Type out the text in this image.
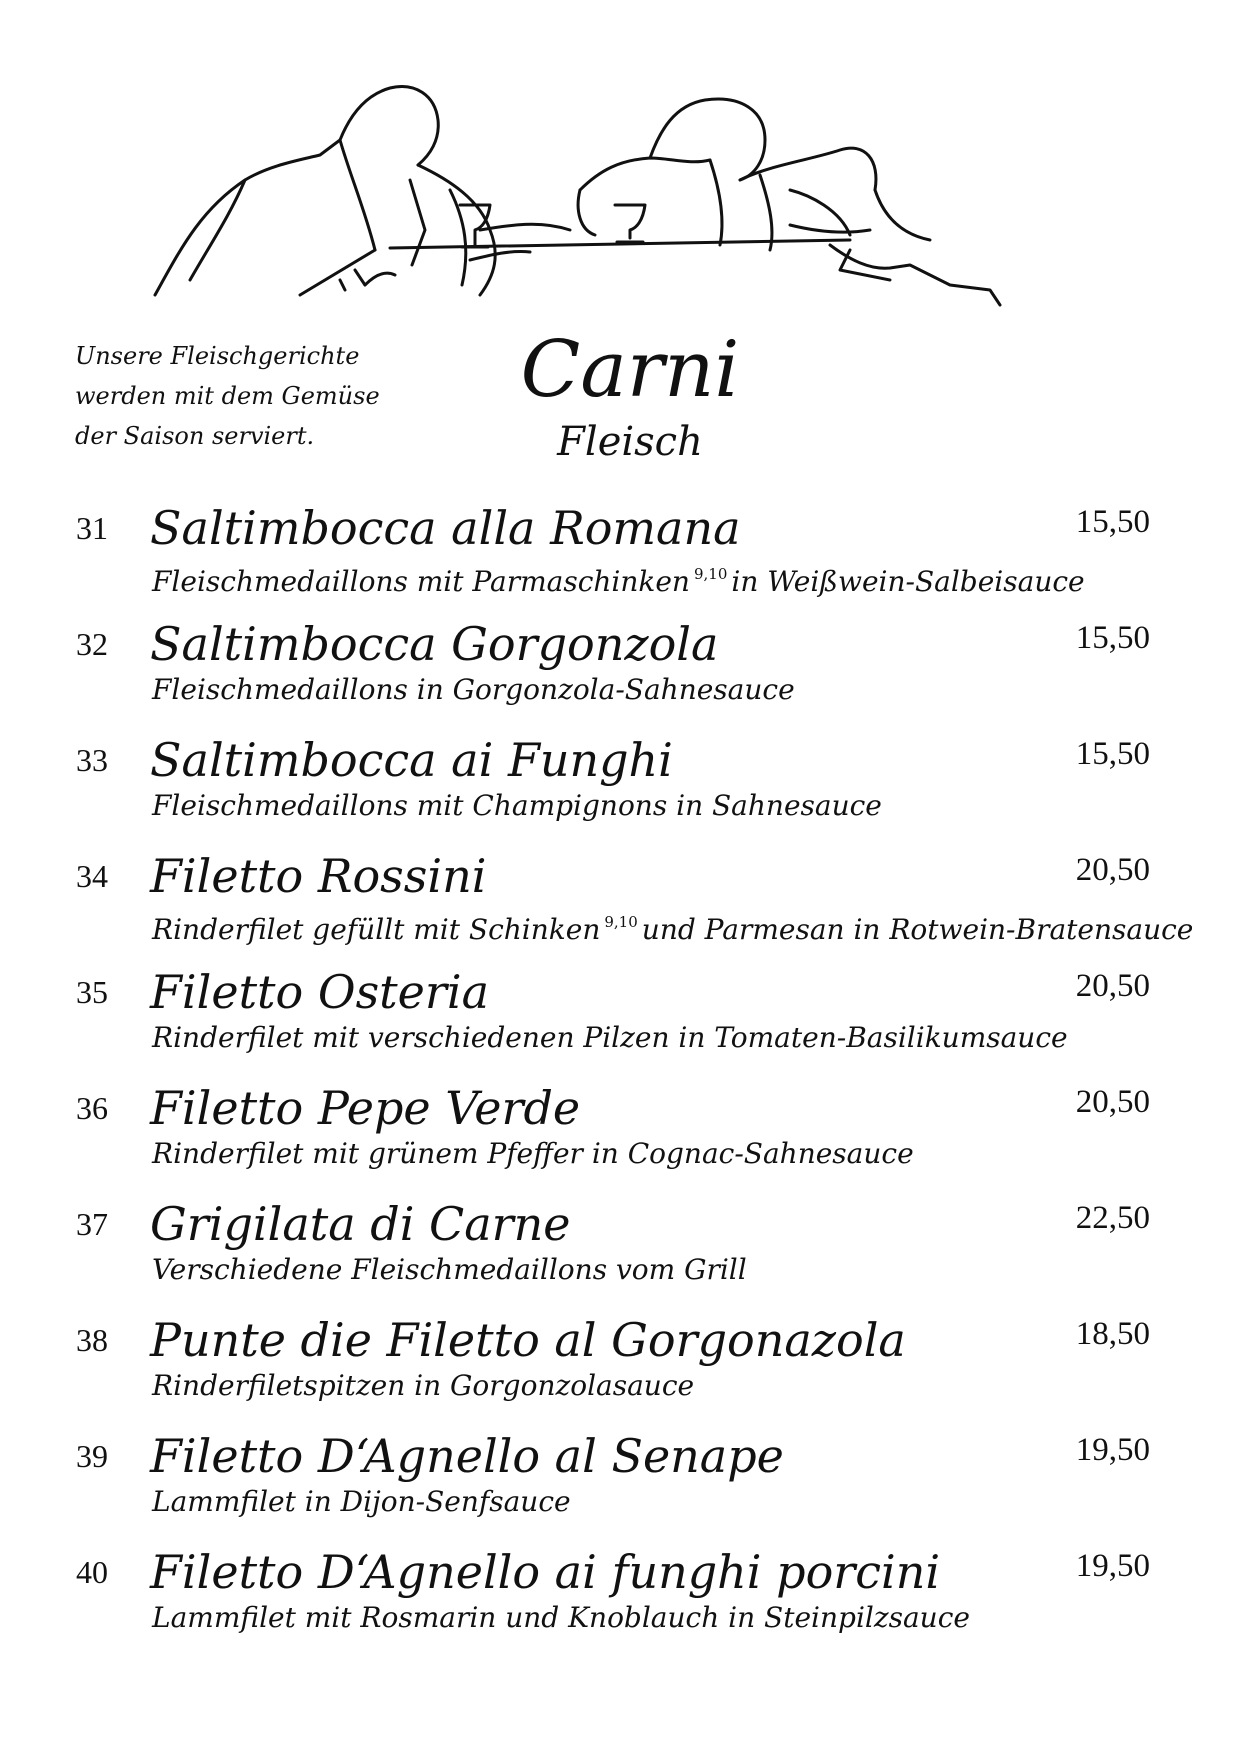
Unsere Fleischgerichte
werden mit dem Gemüse
der Saison serviert.
Carni
Fleisch
31 Saltimbocca alla Romana	15,50
Fleischmedaillons mit Parmaschinken $^{9,10}$ in Weißwein-Salbeisauce
32 Saltimbocca Gorgonzola	15,50
Fleischmedaillons in Gorgonzola-Sahnesauce
33 Saltimbocca ai Funghi	15,50
Fleischmedaillons mit Champignons in Sahnesauce
34 Filetto Rossini	20,50
Rinderfilet gefüllt mit Schinken $^{9,10}$ und Parmesan in Rotwein-Bratensauce
35 Filetto Osteria	20,50
Rinderfilet mit verschiedenen Pilzen in Tomaten-Basilikumsauce
36 Filetto Pepe Verde	20,50
Rinderfilet mit grünem Pfeffer in Cognac-Sahnesauce
37 Grigilata di Carne	22,50
Verschiedene Fleischmedaillons vom Grill
38 Punte die Filetto al Gorgonazola	18,50
Rinderfiletspitzen in Gorgonzolasauce
39 Filetto D‘Agnello al Senape	19,50
Lammfilet in Dijon-Senfsauce
40 Filetto D‘Agnello ai funghi porcini	19,50
Lammfilet mit Rosmarin und Knoblauch in Steinpilzsauce
